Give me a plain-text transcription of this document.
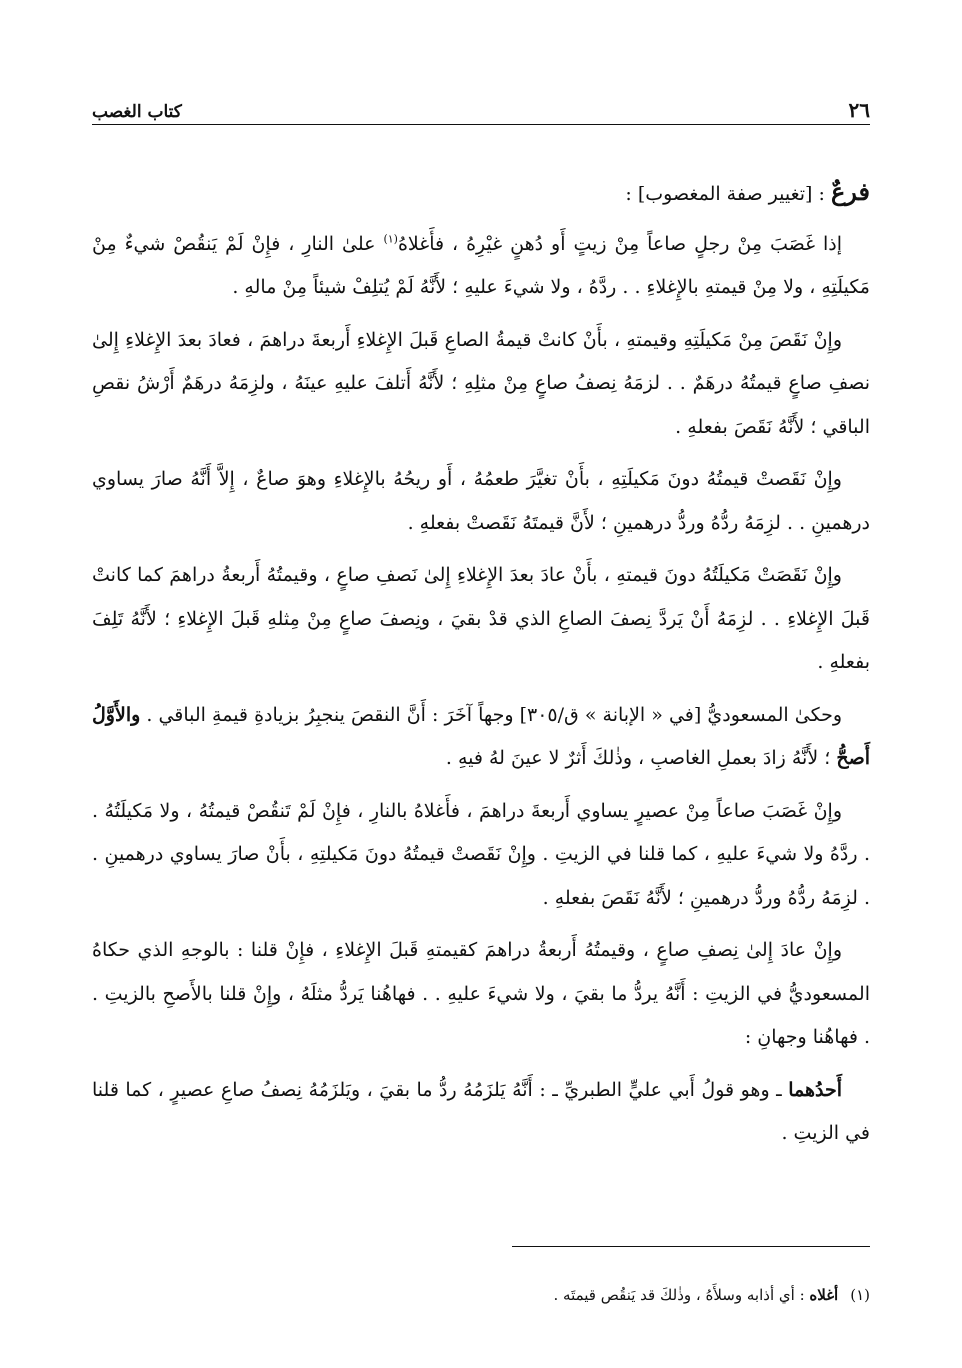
٢٦
كتاب الغصب

فرعٌ : [تغيير صفة المغصوب] :

إذا غَصَبَ مِنْ رجلٍ صاعاً مِنْ زيتٍ أَو دُهنٍ غيْرِهُ ، فأَغلاهُ$^{(١)}$ علىٰ النارِ ، فإِنْ لَمْ يَنقُصْ شيءٌ مِنْ مَكيلَتِهِ ، ولا مِنْ قيمتهِ بالإِغلاءِ . . ردَّهُ ، ولا شيءَ عليهِ ؛ لأَنَّهُ لَمْ يُتلِفْ شيئاً مِنْ مالهِ .

وإِنْ نَقَصَ مِنْ مَكيلَتِهِ وقيمتهِ ، بأَنْ كانتْ قيمةُ الصاعِ قَبلَ الإِغلاءِ أَربعةَ دراهمَ ، فعادَ بعدَ الإِغلاءِ إِلىٰ نصفِ صاعٍ قيمتُهُ درهَمٌ . . لزمَهُ نِصفُ صاعٍ مِنْ مثلِهِ ؛ لأَنَّهُ أَتلفَ عليهِ عينَهُ ، ولزِمَهُ درهَمٌ أَرْشُ نقصِ الباقي ؛ لأَنَّهُ نَقَصَ بفعلهِ .

وإِنْ نَقَصتْ قيمتُهُ دونَ مَكيلَتِهِ ، بأَنْ تغيَّرَ طعمُهُ ، أَو ريحُهُ بالإِغلاءِ وهوَ صاعٌ ، إِلاَّ أَنَّهُ صارَ يساوي درهمينِ . . لزِمَهُ ردُّهُ وردُّ درهمينِ ؛ لأَنَّ قيمتَهُ نَقَصتْ بفعلهِ .

وإِنْ نَقَصَتْ مَكيلَتُهُ دونَ قيمتهِ ، بأَنْ عادَ بعدَ الإِغلاءِ إِلىٰ نَصفِ صاعٍ ، وقيمتُهُ أَربعةُ دراهمَ كما كانتْ قَبلَ الإِغلاءِ . . لزِمَهُ أَنْ يَردَّ نِصفَ الصاعِ الذي قدْ بقيَ ، ونِصفَ صاعٍ مِنْ مِثلهِ قَبلَ الإِغلاءِ ؛ لأَنَّهُ تَلِفَ بفعلهِ .

وحكىٰ المسعوديُّ [في « الإبانة » ق/٣٠٥] وجهاً آخَرَ : أَنَّ النقصَ ينجبِرُ بزيادةِ قيمةِ الباقي . والأَوَّلُ أَصحُّ ؛ لأَنَّهُ زادَ بعملِ الغاصبِ ، وذٰلكَ أَثرٌ لا عينَ لهُ فيهِ .

وإِنْ غَصَبَ صاعاً مِنْ عصيرٍ يساوي أَربعةَ دراهمَ ، فأَغلاهُ بالنارِ ، فإِنْ لَمْ تَنقُصْ قيمتُهُ ، ولا مَكيلَتُهُ . . ردَّهُ ولا شيءَ عليهِ ، كما قلنا في الزيتِ . وإِنْ نَقَصتْ قيمتُهُ دونَ مَكيلتِهِ ، بأَنْ صارَ يساوي درهمينِ . . لزِمَهُ ردُّهُ وردُّ درهمينِ ؛ لأَنَّهُ نَقَصَ بفعلهِ .

وإِنْ عادَ إِلىٰ نِصفِ صاعٍ ، وقيمتُهُ أَربعةُ دراهمَ كقيمتهِ قَبلَ الإِغلاءِ ، فإِنْ قلنا : بالوجهِ الذي حكاهُ المسعوديُّ في الزيتِ : أَنَّهُ يردُّ ما بقيَ ، ولا شيءَ عليهِ . . فهاهُنا يَردُّ مثلَهُ ، وإِنْ قلنا بالأَصحِ بالزيتِ . . فهاهُنا وجهانِ :

أَحدُهما ـ وهو قولُ أَبي عليٍّ الطبريِّ ـ : أَنَّهُ يَلزَمُهُ ردُّ ما بقيَ ، ويَلزَمُهُ نِصفُ صاعِ عصيرٍ ، كما قلنا في الزيتِ .

(١)أغلاه : أي أذابه وسلأَهُ ، وذٰلكَ قد يَنقُص قيمتَه .
